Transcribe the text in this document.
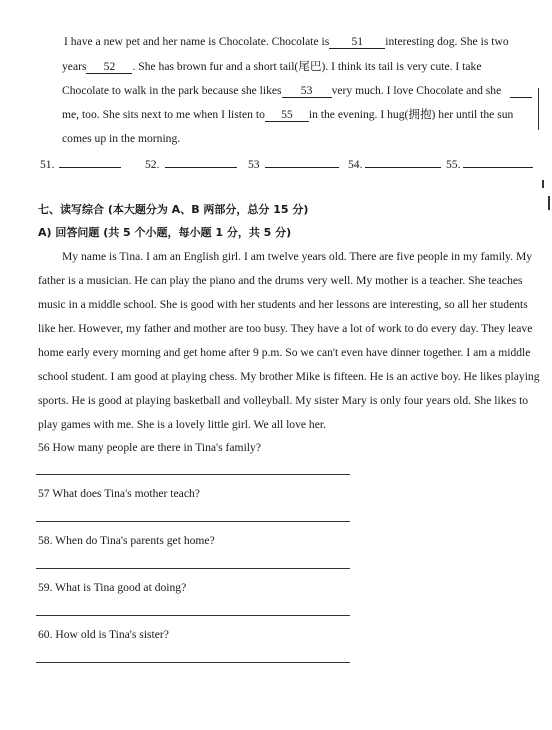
I have a new pet and her name is Chocolate. Chocolate is 51 interesting dog. She is two
years 52 . She has brown fur and a short tail(尾巴). I think its tail is very cute. I take
Chocolate to walk in the park because she likes 53 very much. I love Chocolate and she
me, too. She sits next to me when I listen to 55 in the evening. I hug(拥抱) her until the sun
comes up in the morning.
51.	52.	53	54.	55.
七、读写综合 (本大题分为 A、B 两部分，总分 15 分)
A) 回答问题 (共 5 个小题，每小题 1 分，共 5 分)
My name is Tina. I am an English girl. I am twelve years old. There are five people in my family. My
father is a musician. He can play the piano and the drums very well. My mother is a teacher. She teaches
music in a middle school. She is good with her students and her lessons are interesting, so all her students
like her. However, my father and mother are too busy. They have a lot of work to do every day. They leave
home early every morning and get home after 9 p.m. So we can't even have dinner together. I am a middle
school student. I am good at playing chess. My brother Mike is fifteen. He is an active boy. He likes playing
sports. He is good at playing basketball and volleyball. My sister Mary is only four years old. She likes to
play games with me. She is a lovely little girl. We all love her.
56 How many people are there in Tina's family?
57 What does Tina's mother teach?
58. When do Tina's parents get home?
59. What is Tina good at doing?
60. How old is Tina's sister?
